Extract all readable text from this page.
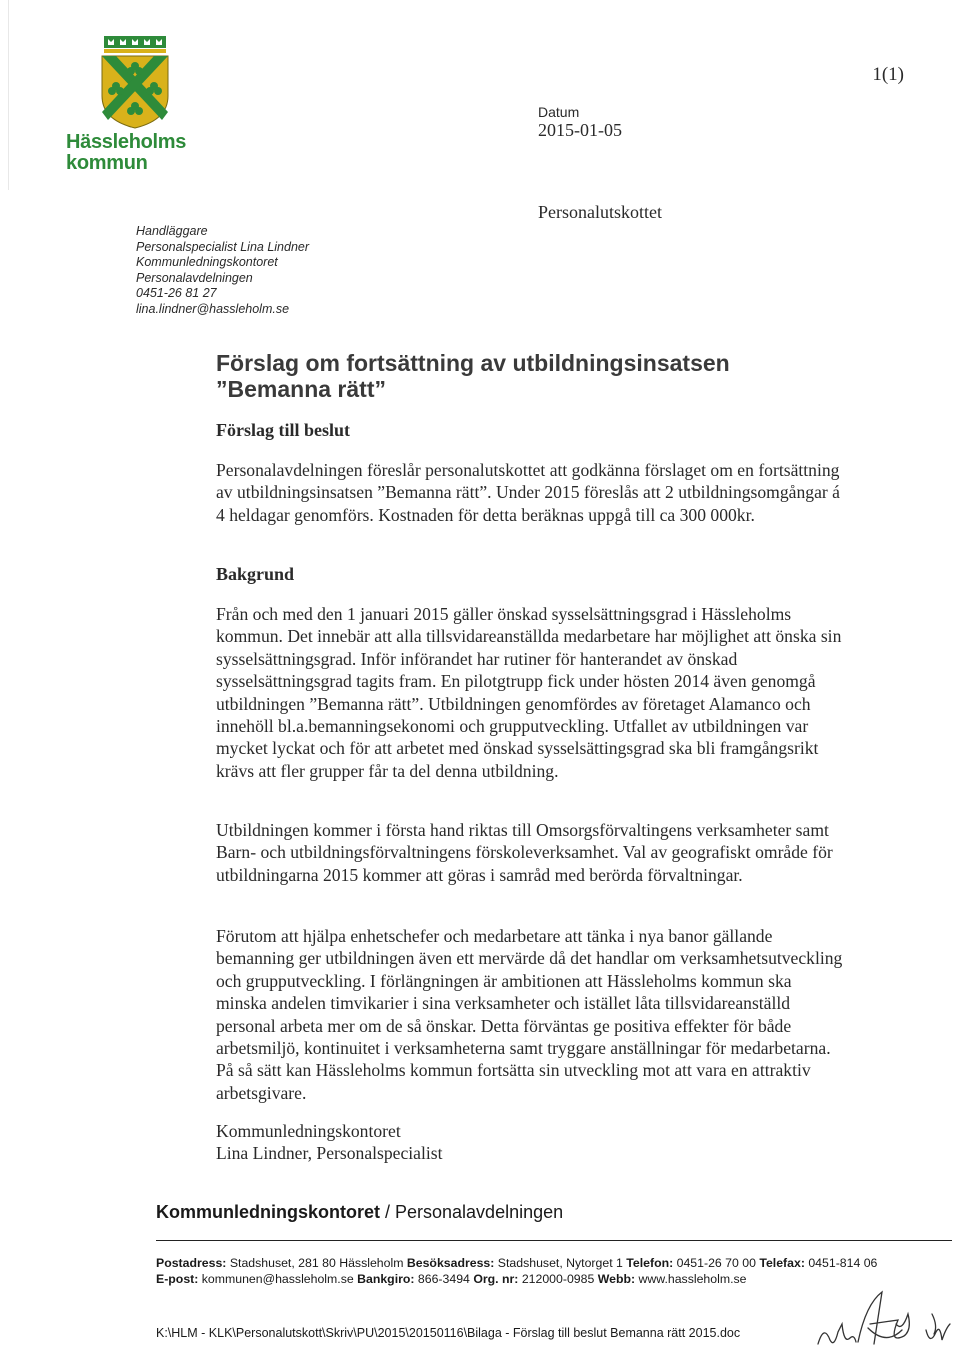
Hässleholms
kommun
1(1)
Datum
2015-01-05
Personalutskottet
Handläggare
Personalspecialist Lina Lindner
Kommunledningskontoret
Personalavdelningen
0451-26 81 27
lina.lindner@hassleholm.se
Förslag om fortsättning av utbildningsinsatsen
”Bemanna rätt”
Förslag till beslut
Personalavdelningen föreslår personalutskottet att godkänna förslaget om en fortsättning av utbildningsinsatsen ”Bemanna rätt”. Under 2015 föreslås att 2 utbildningsomgångar á 4 heldagar genomförs. Kostnaden för detta beräknas uppgå till ca 300 000kr.
Bakgrund
Från och med den 1 januari 2015 gäller önskad sysselsättningsgrad i Hässleholms kommun. Det innebär att alla tillsvidareanställda medarbetare har möjlighet att önska sin sysselsättningsgrad. Inför införandet har rutiner för hanterandet av önskad sysselsättningsgrad tagits fram. En pilotgtrupp fick under hösten 2014 även genomgå utbildningen ”Bemanna rätt”. Utbildningen genomfördes av företaget Alamanco och innehöll bl.a.bemanningsekonomi och grupputveckling. Utfallet av utbildningen var mycket lyckat och för att arbetet med önskad sysselsättingsgrad ska bli framgångsrikt krävs att fler grupper får ta del denna utbildning.
Utbildningen kommer i första hand riktas till Omsorgsförvaltingens verksamheter samt Barn- och utbildningsförvaltningens förskoleverksamhet. Val av geografiskt område för utbildningarna 2015 kommer att göras i samråd med berörda förvaltningar.
Förutom att hjälpa enhetschefer och medarbetare att tänka i nya banor gällande bemanning ger utbildningen även ett mervärde då det handlar om verksamhetsutveckling och grupputveckling. I förlängningen är ambitionen att Hässleholms kommun ska minska andelen timvikarier i sina verksamheter och istället låta tillsvidareanställd personal arbeta mer om de så önskar. Detta förväntas ge positiva effekter för både arbetsmiljö, kontinuitet i verksamheterna samt tryggare anställningar för medarbetarna. På så sätt kan Hässleholms kommun fortsätta sin utveckling mot att vara en attraktiv arbetsgivare.
Kommunledningskontoret
Lina Lindner, Personalspecialist
Kommunledningskontoret / Personalavdelningen
Postadress: Stadshuset, 281 80 Hässleholm Besöksadress: Stadshuset, Nytorget 1 Telefon: 0451-26 70 00 Telefax: 0451-814 06
E-post: kommunen@hassleholm.se Bankgiro: 866-3494 Org. nr: 212000-0985 Webb: www.hassleholm.se
K:\HLM - KLK\Personalutskott\Skriv\PU\2015\20150116\Bilaga - Förslag till beslut Bemanna rätt 2015.doc
